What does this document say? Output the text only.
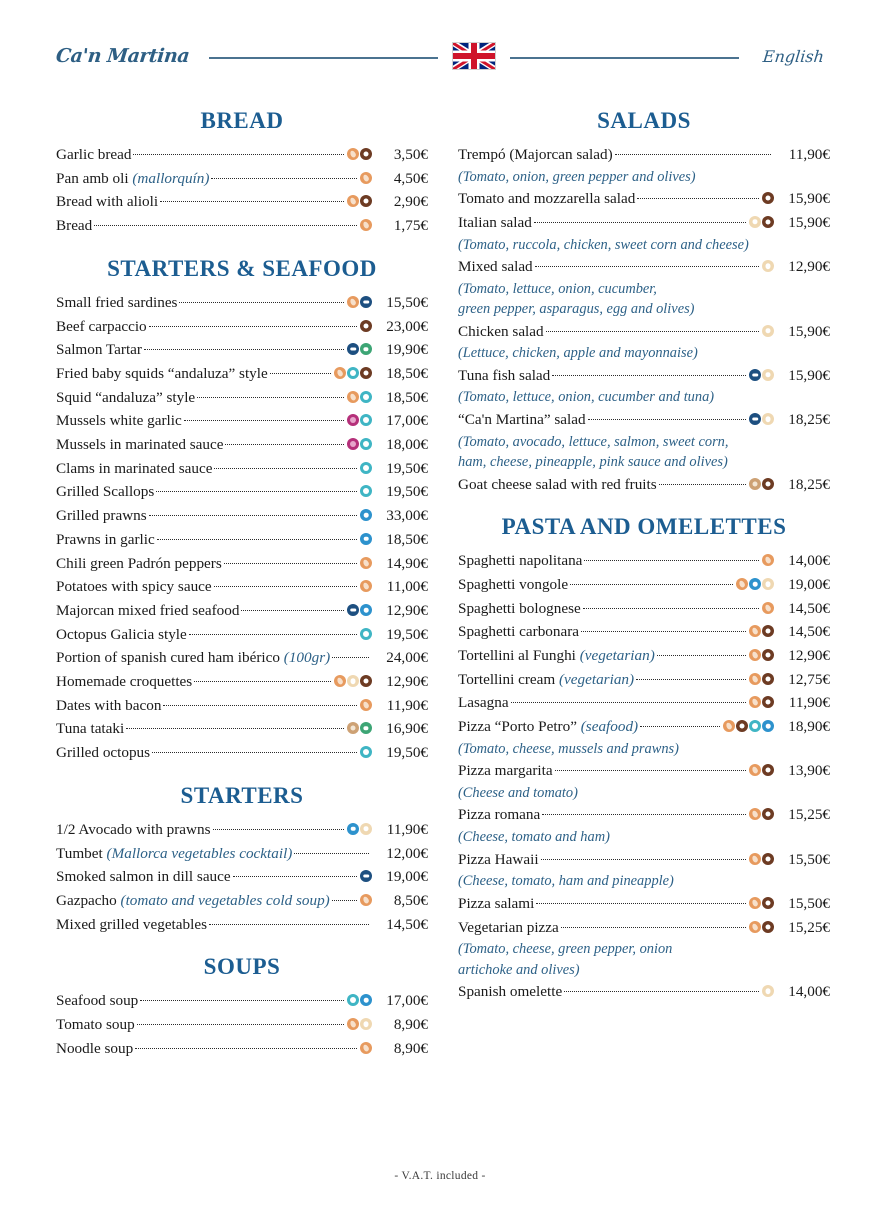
Ca'n Martina	English
BREAD
Garlic bread	3,50€
Pan amb oli (mallorquín)	4,50€
Bread with alioli	2,90€
Bread	1,75€
STARTERS & SEAFOOD
Small fried sardines	15,50€
Beef carpaccio	23,00€
Salmon Tartar	19,90€
Fried baby squids “andaluza” style	18,50€
Squid “andaluza” style	18,50€
Mussels white garlic	17,00€
Mussels in marinated sauce	18,00€
Clams in marinated sauce	19,50€
Grilled Scallops	19,50€
Grilled prawns	33,00€
Prawns in garlic	18,50€
Chili green Padrón peppers	14,90€
Potatoes with spicy sauce	11,00€
Majorcan mixed fried seafood	12,90€
Octopus Galicia style	19,50€
Portion of spanish cured ham ibérico (100gr)	24,00€
Homemade croquettes	12,90€
Dates with bacon	11,90€
Tuna tataki	16,90€
Grilled octopus	19,50€
STARTERS
1/2 Avocado with prawns	11,90€
Tumbet (Mallorca vegetables cocktail)	12,00€
Smoked salmon in dill sauce	19,00€
Gazpacho (tomato and vegetables cold soup)	8,50€
Mixed grilled vegetables	14,50€
SOUPS
Seafood soup	17,00€
Tomato soup	8,90€
Noodle soup	8,90€
SALADS
Trempó (Majorcan salad)	11,90€
(Tomato, onion, green pepper and olives)
Tomato and mozzarella salad	15,90€
Italian salad	15,90€
(Tomato, ruccola, chicken, sweet corn and cheese)
Mixed salad	12,90€
(Tomato, lettuce, onion, cucumber,
green pepper, asparagus, egg and olives)
Chicken salad	15,90€
(Lettuce, chicken, apple and mayonnaise)
Tuna fish salad	15,90€
(Tomato, lettuce, onion, cucumber and tuna)
“Ca'n Martina” salad	18,25€
(Tomato, avocado, lettuce, salmon, sweet corn,
ham, cheese, pineapple, pink sauce and olives)
Goat cheese salad with red fruits	18,25€
PASTA AND OMELETTES
Spaghetti napolitana	14,00€
Spaghetti vongole	19,00€
Spaghetti bolognese	14,50€
Spaghetti carbonara	14,50€
Tortellini al Funghi (vegetarian)	12,90€
Tortellini cream (vegetarian)	12,75€
Lasagna	11,90€
Pizza “Porto Petro” (seafood)	18,90€
(Tomato, cheese, mussels and prawns)
Pizza margarita	13,90€
(Cheese and tomato)
Pizza romana	15,25€
(Cheese, tomato and ham)
Pizza Hawaii	15,50€
(Cheese, tomato, ham and pineapple)
Pizza salami	15,50€
Vegetarian pizza	15,25€
(Tomato, cheese, green pepper, onion
artichoke and olives)
Spanish omelette	14,00€
- V.A.T. included -
